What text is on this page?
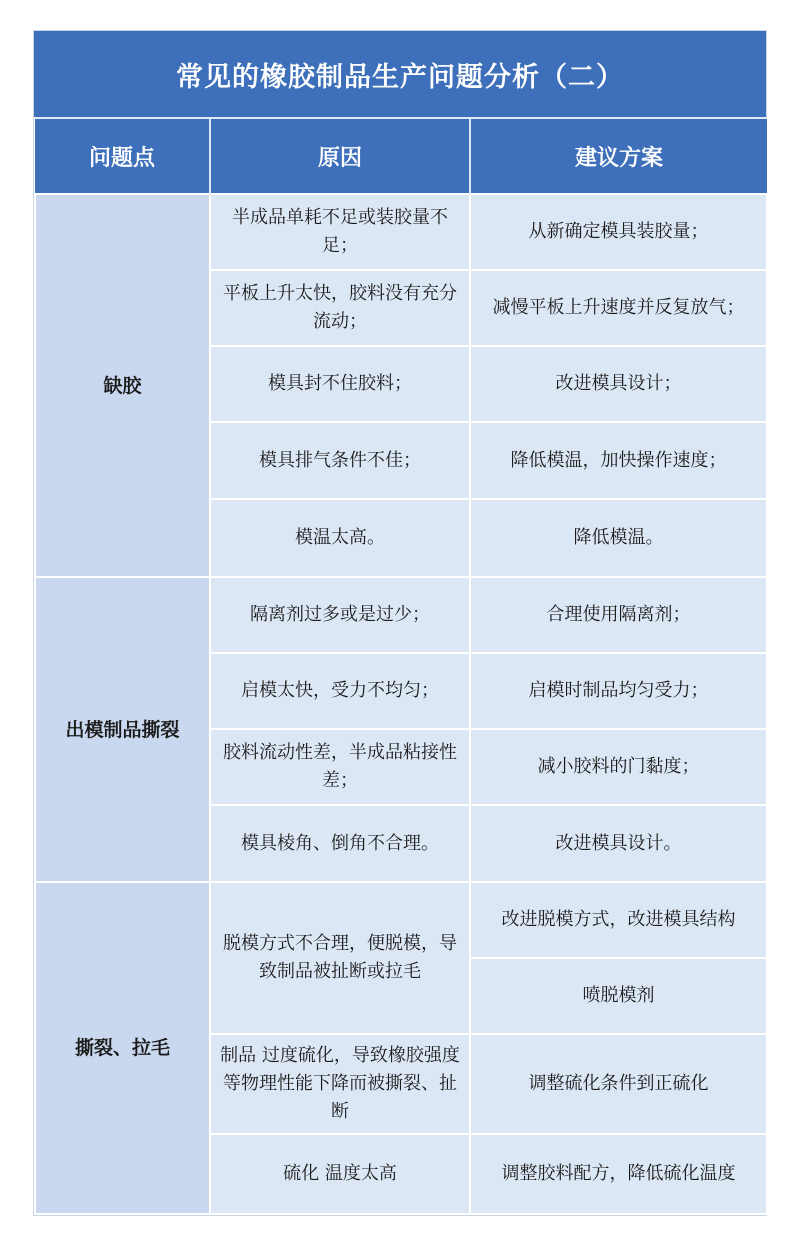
常见的橡胶制品生产问题分析（二）
问题点	原因	建议方案
缺胶	半成品单耗不足或装胶量不足；	从新确定模具装胶量；
	平板上升太快，胶料没有充分流动；	减慢平板上升速度并反复放气；
	模具封不住胶料；	改进模具设计；
	模具排气条件不佳；	降低模温，加快操作速度；
	模温太高。	降低模温。
出模制品撕裂	隔离剂过多或是过少；	合理使用隔离剂；
	启模太快，受力不均匀；	启模时制品均匀受力；
	胶料流动性差，半成品粘接性差；	减小胶料的门黏度；
	模具棱角、倒角不合理。	改进模具设计。
撕裂、拉毛	脱模方式不合理，便脱模，导致制品被扯断或拉毛	改进脱模方式，改进模具结构
		喷脱模剂
	制品 过度硫化，导致橡胶强度等物理性能下降而被撕裂、扯断	调整硫化条件到正硫化
	硫化 温度太高	调整胶料配方，降低硫化温度
